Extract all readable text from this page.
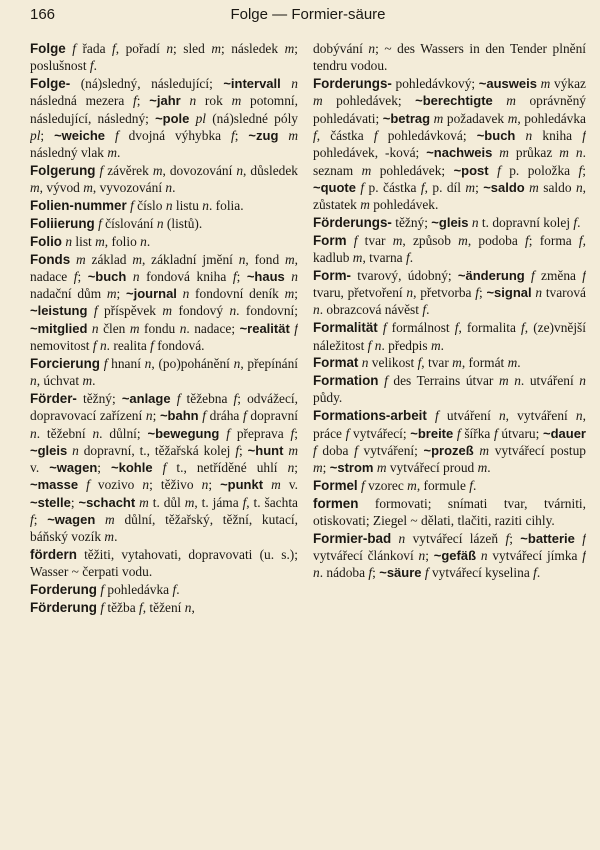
166	Folge — Formier-säure
Folge f řada f, pořadí n; sled m; následek m; poslušnost f.
Folge- (ná)sledný, následující; ~intervall n následná mezera f; ~jahr n rok m potomní, následující, následný; ~pole pl (ná)sledné póly pl; ~weiche f dvojná výhybka f; ~zug m následný vlak m.
Folgerung f závěrek m, dovozování n, důsledek m, vývod m, vyvozování n.
Folien-nummer f číslo n listu n. folia.
Foliierung f číslování n (listů).
Folio n list m, folio n.
Fonds m základ m, základní jmění n, fond m, nadace f; ~buch n fondová kniha f; ~haus n nadační dům m; ~journal n fondovní deník m; ~leistung f příspěvek m fondový n. fondovní; ~mitglied n člen m fondu n. nadace; ~realität f nemovitost f n. realita f fondová.
Forcierung f hnaní n, (po)pohánění n, přepínání n, úchvat m.
Förder- těžný; ~anlage f těžebna f; odvážecí, dopravovací zařízení n; ~bahn f dráha f dopravní n. těžební n. důlní; ~bewegung f přeprava f; ~gleis n dopravní, t., těžařská kolej f; ~hunt m v. ~wagen; ~kohle f t., netříděné uhlí n; ~masse f vozivo n; těživo n; ~punkt m v. ~stelle; ~schacht m t. důl m, t. jáma f, t. šachta f; ~wagen m důlní, těžařský, těžní, kutací, báňský vozík m.
fördern těžiti, vytahovati, dopravovati (u. s.); Wasser ~ čerpati vodu.
Forderung f pohledávka f.
Förderung f těžba f, těžení n,
dobývání n; ~ des Wassers in den Tender plnění tendru vodou.
Forderungs- pohledávkový; ~ausweis m výkaz m pohledávek; ~berechtigte m oprávněný pohledávati; ~betrag m požadavek m, pohledávka f, částka f pohledávková; ~buch n kniha f pohledávek, -ková; ~nachweis m průkaz m n. seznam m pohledávek; ~post f p. položka f; ~quote f p. částka f, p. díl m; ~saldo m saldo n, zůstatek m pohledávek.
Förderungs- těžný; ~gleis n t. dopravní kolej f.
Form f tvar m, způsob m, podoba f; forma f, kadlub m, tvarna f.
Form- tvarový, údobný; ~änderung f změna f tvaru, přetvoření n, přetvorba f; ~signal n tvarová n. obrazcová návěst f.
Formalität f formálnost f, formalita f, (ze)vnější náležitost f n. předpis m.
Format n velikost f, tvar m, formát m.
Formation f des Terrains útvar m n. utváření n půdy.
Formations-arbeit f utváření n, vytváření n, práce f vytvářecí; ~breite f šířka f útvaru; ~dauer f doba f vytváření; ~prozeß m vytvářecí postup m; ~strom m vytvářecí proud m.
Formel f vzorec m, formule f.
formen formovati; snímati tvar, tvárniti, otiskovati; Ziegel ~ dělati, tlačiti, raziti cihly.
Formier-bad n vytvářecí lázeň f; ~batterie f vytvářecí článkoví n; ~gefäß n vytvářecí jímka f n. nádoba f; ~säure f vytvářecí kyselina f.
